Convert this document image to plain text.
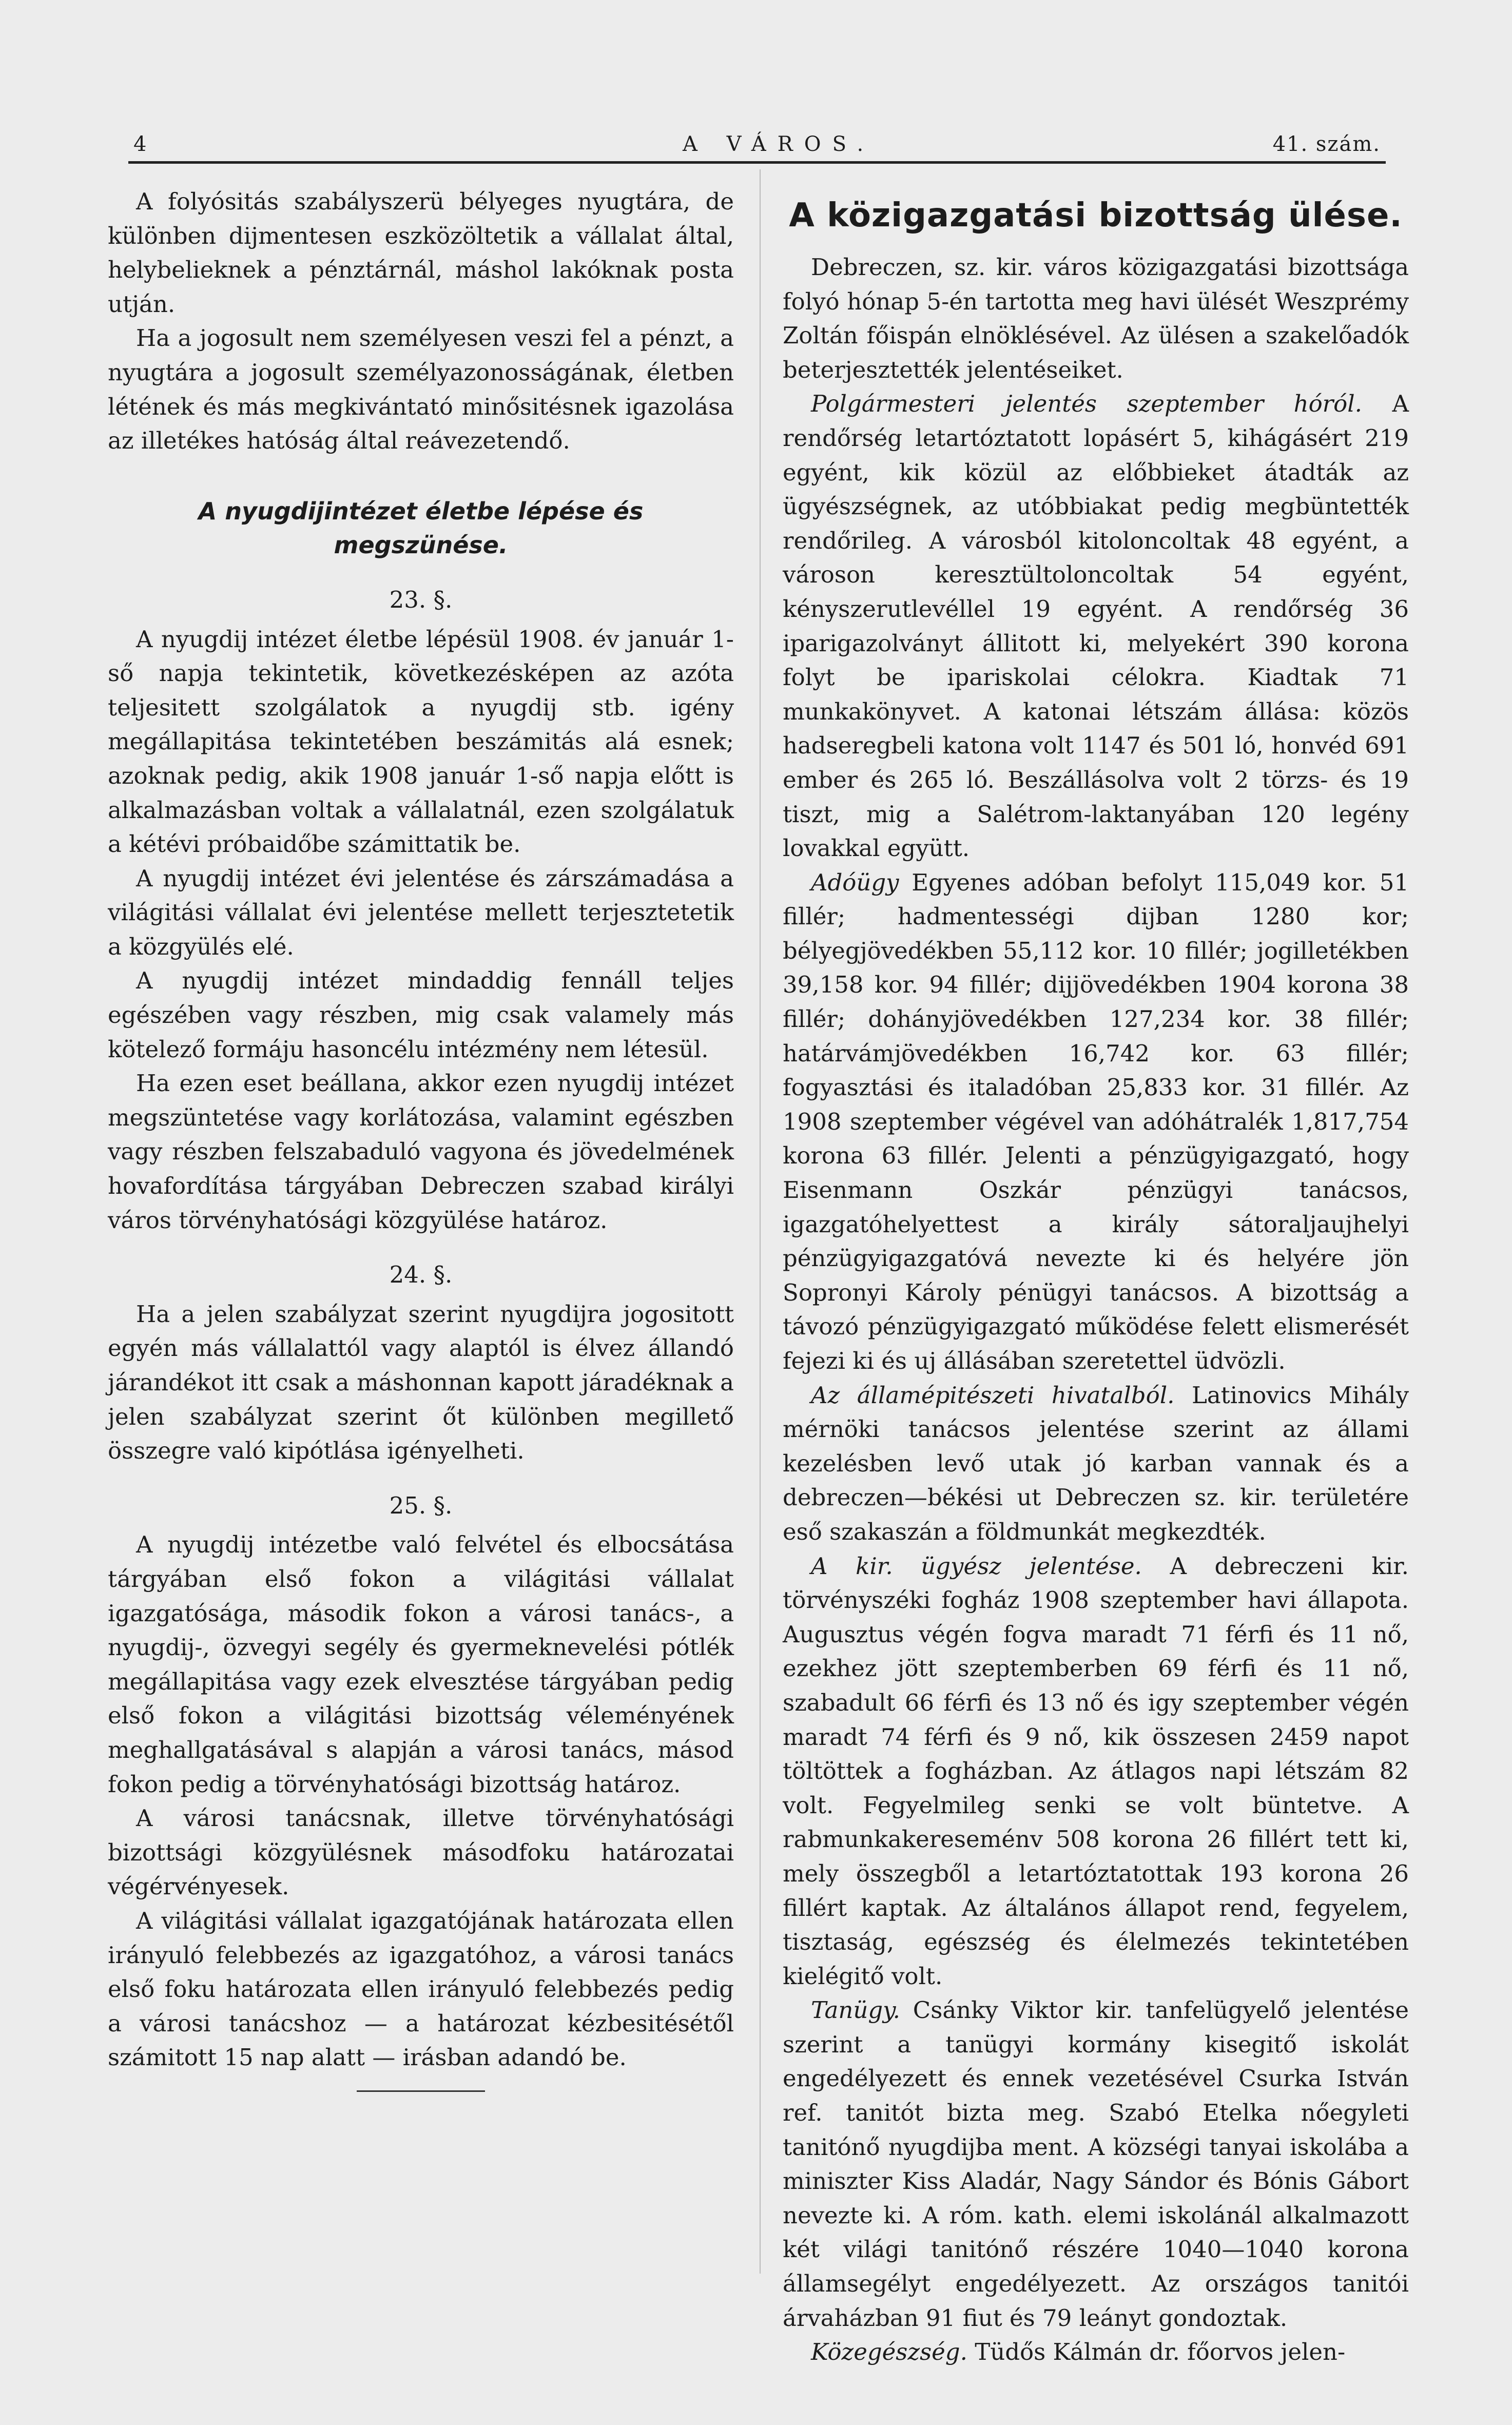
4	A VÁROS.	41. szám.

A folyósitás szabályszerü bélyeges nyugtára, de különben dijmentesen eszközöltetik a vállalat által, helybelieknek a pénztárnál, máshol lakóknak posta utján.

Ha a jogosult nem személyesen veszi fel a pénzt, a nyugtára a jogosult személyazonosságának, életben létének és más megkivántató minősitésnek igazolása az illetékes hatóság által reávezetendő.

A nyugdijintézet életbe lépése és megszünése.
23. §.

A nyugdij intézet életbe lépésül 1908. év január 1-ső napja tekintetik, következésképen az azóta teljesitett szolgálatok a nyugdij stb. igény megállapitása tekintetében beszámitás alá esnek; azoknak pedig, akik 1908 január 1-ső napja előtt is alkalmazásban voltak a vállalatnál, ezen szolgálatuk a kétévi próbaidőbe számittatik be.

A nyugdij intézet évi jelentése és zárszámadása a világitási vállalat évi jelentése mellett terjesztetetik a közgyülés elé.

A nyugdij intézet mindaddig fennáll teljes egészében vagy részben, mig csak valamely más kötelező formáju hasoncélu intézmény nem létesül.

Ha ezen eset beállana, akkor ezen nyugdij intézet megszüntetése vagy korlátozása, valamint egészben vagy részben felszabaduló vagyona és jövedelmének hovafordítása tárgyában Debreczen szabad királyi város törvényhatósági közgyülése határoz.

24. §.

Ha a jelen szabályzat szerint nyugdijra jogositott egyén más vállalattól vagy alaptól is élvez állandó járandékot itt csak a máshonnan kapott járadéknak a jelen szabályzat szerint őt különben megillető összegre való kipótlása igényelheti.

25. §.

A nyugdij intézetbe való felvétel és elbocsátása tárgyában első fokon a világitási vállalat igazgatósága, második fokon a városi tanács-, a nyugdij-, özvegyi segély és gyermeknevelési pótlék megállapitása vagy ezek elvesztése tárgyában pedig első fokon a világitási bizottság véleményének meghallgatásával s alapján a városi tanács, másod fokon pedig a törvényhatósági bizottság határoz.

A városi tanácsnak, illetve törvényhatósági bizottsági közgyülésnek másodfoku határozatai végérvényesek.

A világitási vállalat igazgatójának határozata ellen irányuló felebbezés az igazgatóhoz, a városi tanács első foku határozata ellen irányuló felebbezés pedig a városi tanácshoz — a határozat kézbesitésétől számitott 15 nap alatt — irásban adandó be.

A közigazgatási bizottság ülése.

Debreczen, sz. kir. város közigazgatási bizottsága folyó hónap 5-én tartotta meg havi ülését Weszprémy Zoltán főispán elnöklésével. Az ülésen a szakelőadók beterjesztették jelentéseiket.

Polgármesteri jelentés szeptember hóról. A rendőrség letartóztatott lopásért 5, kihágásért 219 egyént, kik közül az előbbieket átadták az ügyészségnek, az utóbbiakat pedig megbüntették rendőrileg. A városból kitoloncoltak 48 egyént, a városon keresztültoloncoltak 54 egyént, kényszerutlevéllel 19 egyént. A rendőrség 36 iparigazolványt állitott ki, melyekért 390 korona folyt be ipariskolai célokra. Kiadtak 71 munkakönyvet. A katonai létszám állása: közös hadseregbeli katona volt 1147 és 501 ló, honvéd 691 ember és 265 ló. Beszállásolva volt 2 törzs- és 19 tiszt, mig a Salétrom-laktanyában 120 legény lovakkal együtt.

Adóügy Egyenes adóban befolyt 115,049 kor. 51 fillér; hadmentességi dijban 1280 kor; bélyegjövedékben 55,112 kor. 10 fillér; jogilletékben 39,158 kor. 94 fillér; dijjövedékben 1904 korona 38 fillér; dohányjövedékben 127,234 kor. 38 fillér; határvámjövedékben 16,742 kor. 63 fillér; fogyasztási és italadóban 25,833 kor. 31 fillér. Az 1908 szeptember végével van adóhátralék 1,817,754 korona 63 fillér. Jelenti a pénzügyigazgató, hogy Eisenmann Oszkár pénzügyi tanácsos, igazgatóhelyettest a király sátoraljaujhelyi pénzügyigazgatóvá nevezte ki és helyére jön Sopronyi Károly pénügyi tanácsos. A bizottság a távozó pénzügyigazgató működése felett elismerését fejezi ki és uj állásában szeretettel üdvözli.

Az államépitészeti hivatalból. Latinovics Mihály mérnöki tanácsos jelentése szerint az állami kezelésben levő utak jó karban vannak és a debreczen—békési ut Debreczen sz. kir. területére eső szakaszán a földmunkát megkezdték.

A kir. ügyész jelentése. A debreczeni kir. törvényszéki fogház 1908 szeptember havi állapota. Augusztus végén fogva maradt 71 férfi és 11 nő, ezekhez jött szeptemberben 69 férfi és 11 nő, szabadult 66 férfi és 13 nő és igy szeptember végén maradt 74 férfi és 9 nő, kik összesen 2459 napot töltöttek a fogházban. Az átlagos napi létszám 82 volt. Fegyelmileg senki se volt büntetve. A rabmunkakereseménv 508 korona 26 fillért tett ki, mely összegből a letartóztatottak 193 korona 26 fillért kaptak. Az általános állapot rend, fegyelem, tisztaság, egészség és élelmezés tekintetében kielégitő volt.

Tanügy. Csánky Viktor kir. tanfelügyelő jelentése szerint a tanügyi kormány kisegitő iskolát engedélyezett és ennek vezetésével Csurka István ref. tanitót bizta meg. Szabó Etelka nőegyleti tanitónő nyugdijba ment. A községi tanyai iskolába a miniszter Kiss Aladár, Nagy Sándor és Bónis Gábort nevezte ki. A róm. kath. elemi iskolánál alkalmazott két világi tanitónő részére 1040—1040 korona államsegélyt engedélyezett. Az országos tanitói árvaházban 91 fiut és 79 leányt gondoztak.

Közegészség. Tüdős Kálmán dr. főorvos jelen-
